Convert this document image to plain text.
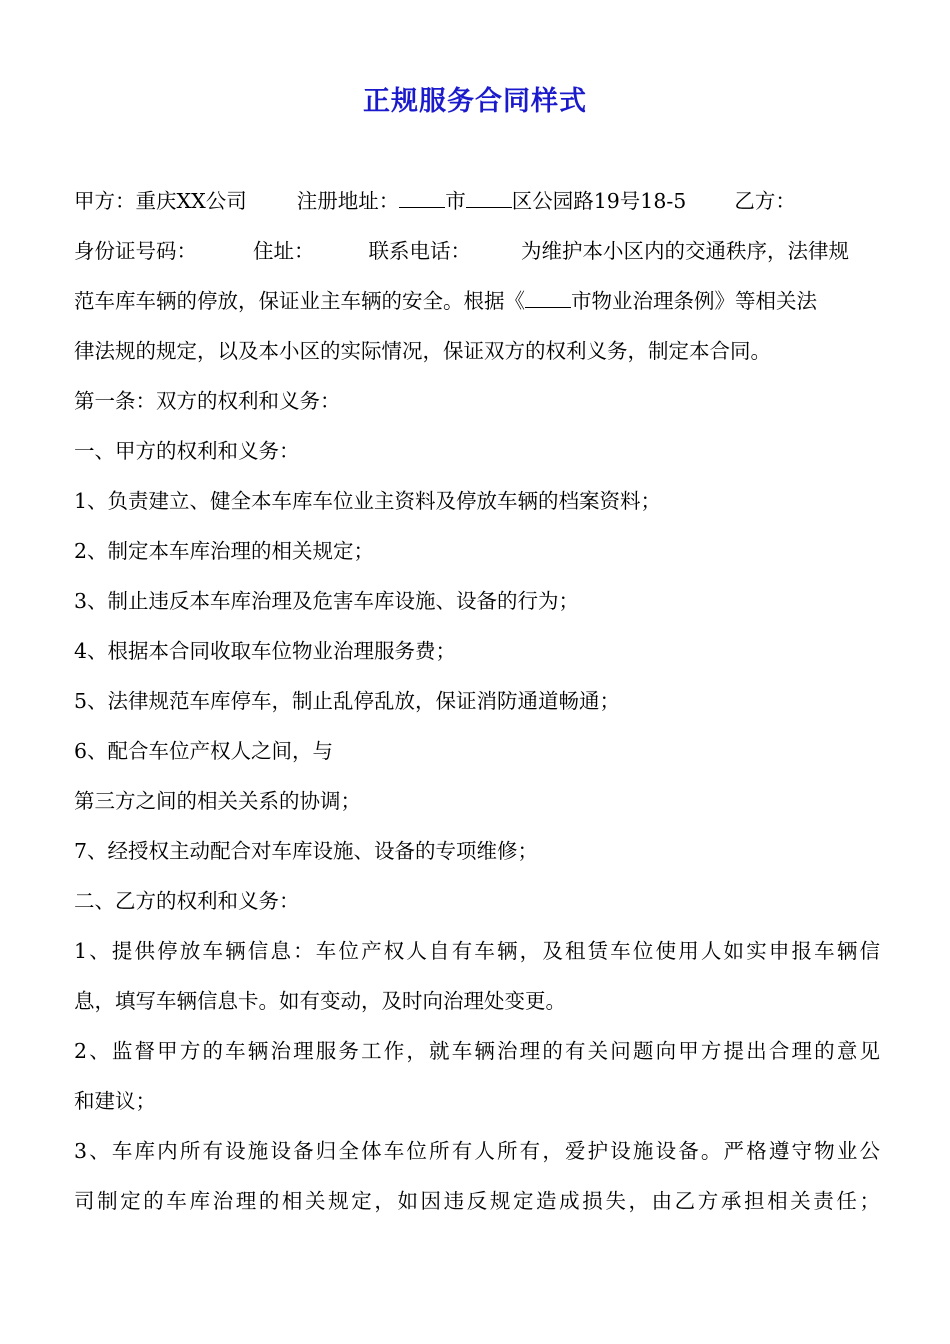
正规服务合同样式
甲方：重庆XX公司 注册地址： 市 区公园路19号18-5 乙方：
身份证号码：	住址：	联系电话： 为维护本小区内的交通秩序，法律规
范车库车辆的停放，保证业主车辆的安全。根据《 市物业治理条例》等相关法
律法规的规定，以及本小区的实际情况，保证双方的权利义务，制定本合同。
第一条：双方的权利和义务：
一、甲方的权利和义务：
1、负责建立、健全本车库车位业主资料及停放车辆的档案资料；
2、制定本车库治理的相关规定；
3、制止违反本车库治理及危害车库设施、设备的行为；
4、根据本合同收取车位物业治理服务费；
5、法律规范车库停车，制止乱停乱放，保证消防通道畅通；
6、配合车位产权人之间，与
第三方之间的相关关系的协调；
7、经授权主动配合对车库设施、设备的专项维修；
二、乙方的权利和义务：
1、提供停放车辆信息：车位产权人自有车辆，及租赁车位使用人如实申报车辆信
息，填写车辆信息卡。如有变动，及时向治理处变更。
2、监督甲方的车辆治理服务工作，就车辆治理的有关问题向甲方提出合理的意见
和建议；
3、车库内所有设施设备归全体车位所有人所有，爱护设施设备。严格遵守物业公
司制定的车库治理的相关规定，如因违反规定造成损失，由乙方承担相关责任；
